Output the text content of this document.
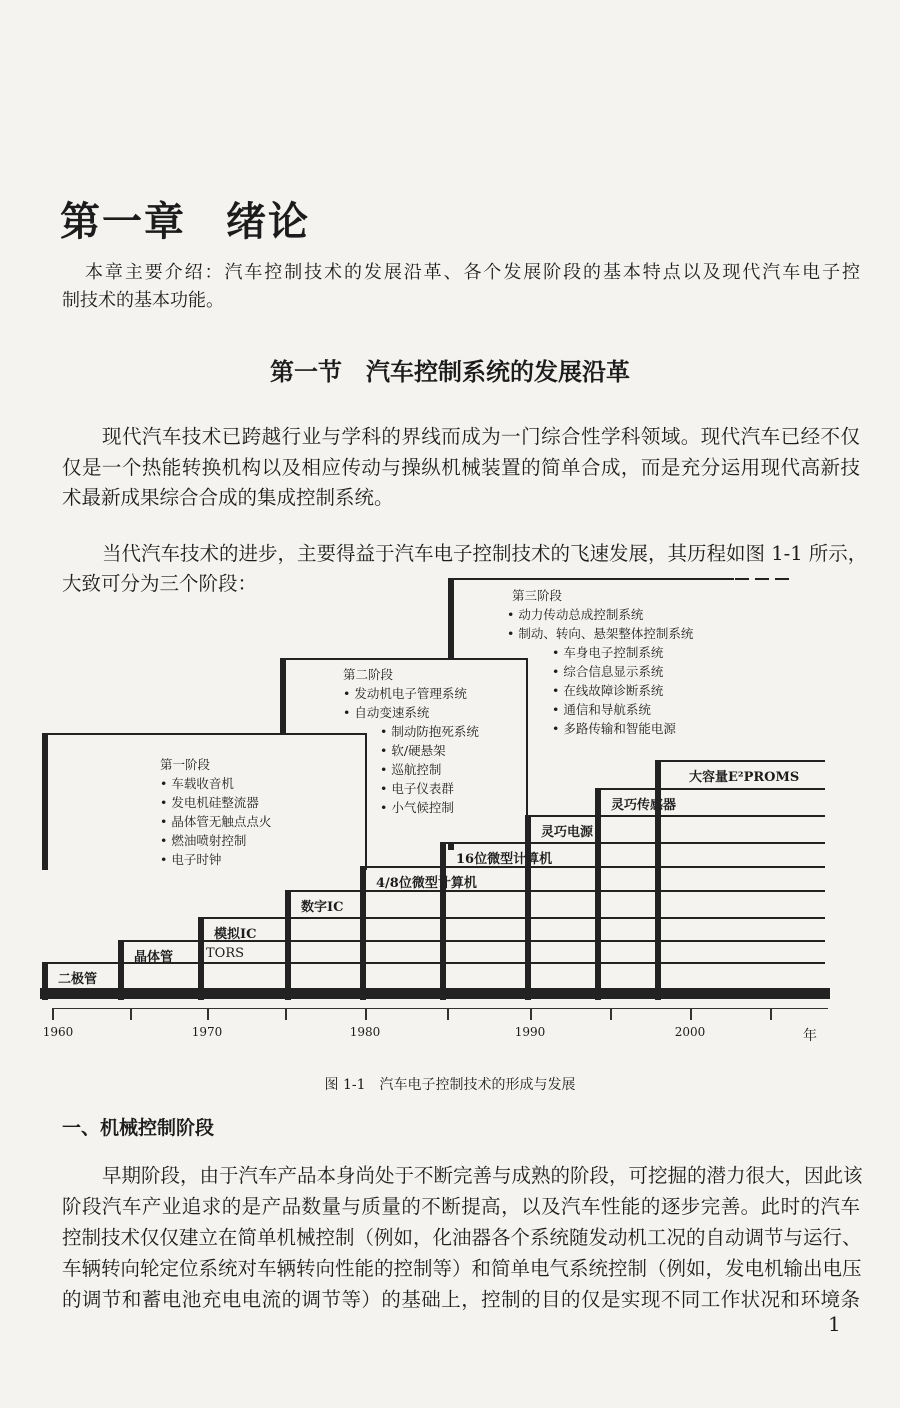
第一章 绪论
本章主要介绍：汽车控制技术的发展沿革、各个发展阶段的基本特点以及现代汽车电子控
制技术的基本功能。
第一节 汽车控制系统的发展沿革
现代汽车技术已跨越行业与学科的界线而成为一门综合性学科领域。现代汽车已经不仅
仅是一个热能转换机构以及相应传动与操纵机械装置的简单合成，而是充分运用现代高新技
术最新成果综合合成的集成控制系统。
当代汽车技术的进步，主要得益于汽车电子控制技术的飞速发展，其历程如图 1-1 所示，
大致可分为三个阶段：
二极管
晶体管	TORS
模拟IC
数字IC
4/8位微型计算机
16位微型计算机
灵巧电源
灵巧传感器
大容量E²PROMS
第一阶段
• 车载收音机
• 发电机硅整流器
• 晶体管无触点点火
• 燃油喷射控制
• 电子时钟
第二阶段
• 发动机电子管理系统
• 自动变速系统
• 制动防抱死系统
• 软/硬悬架
• 巡航控制
• 电子仪表群
• 小气候控制
第三阶段
• 动力传动总成控制系统
• 制动、转向、悬架整体控制系统
• 车身电子控制系统
• 综合信息显示系统
• 在线故障诊断系统
• 通信和导航系统
• 多路传输和智能电源
1960	1970	1980	1990	2000	年
图 1-1 汽车电子控制技术的形成与发展
一、机械控制阶段
早期阶段，由于汽车产品本身尚处于不断完善与成熟的阶段，可挖掘的潜力很大，因此该
阶段汽车产业追求的是产品数量与质量的不断提高，以及汽车性能的逐步完善。此时的汽车
控制技术仅仅建立在简单机械控制（例如，化油器各个系统随发动机工况的自动调节与运行、
车辆转向轮定位系统对车辆转向性能的控制等）和简单电气系统控制（例如，发电机输出电压
的调节和蓄电池充电电流的调节等）的基础上，控制的目的仅是实现不同工作状况和环境条
1
